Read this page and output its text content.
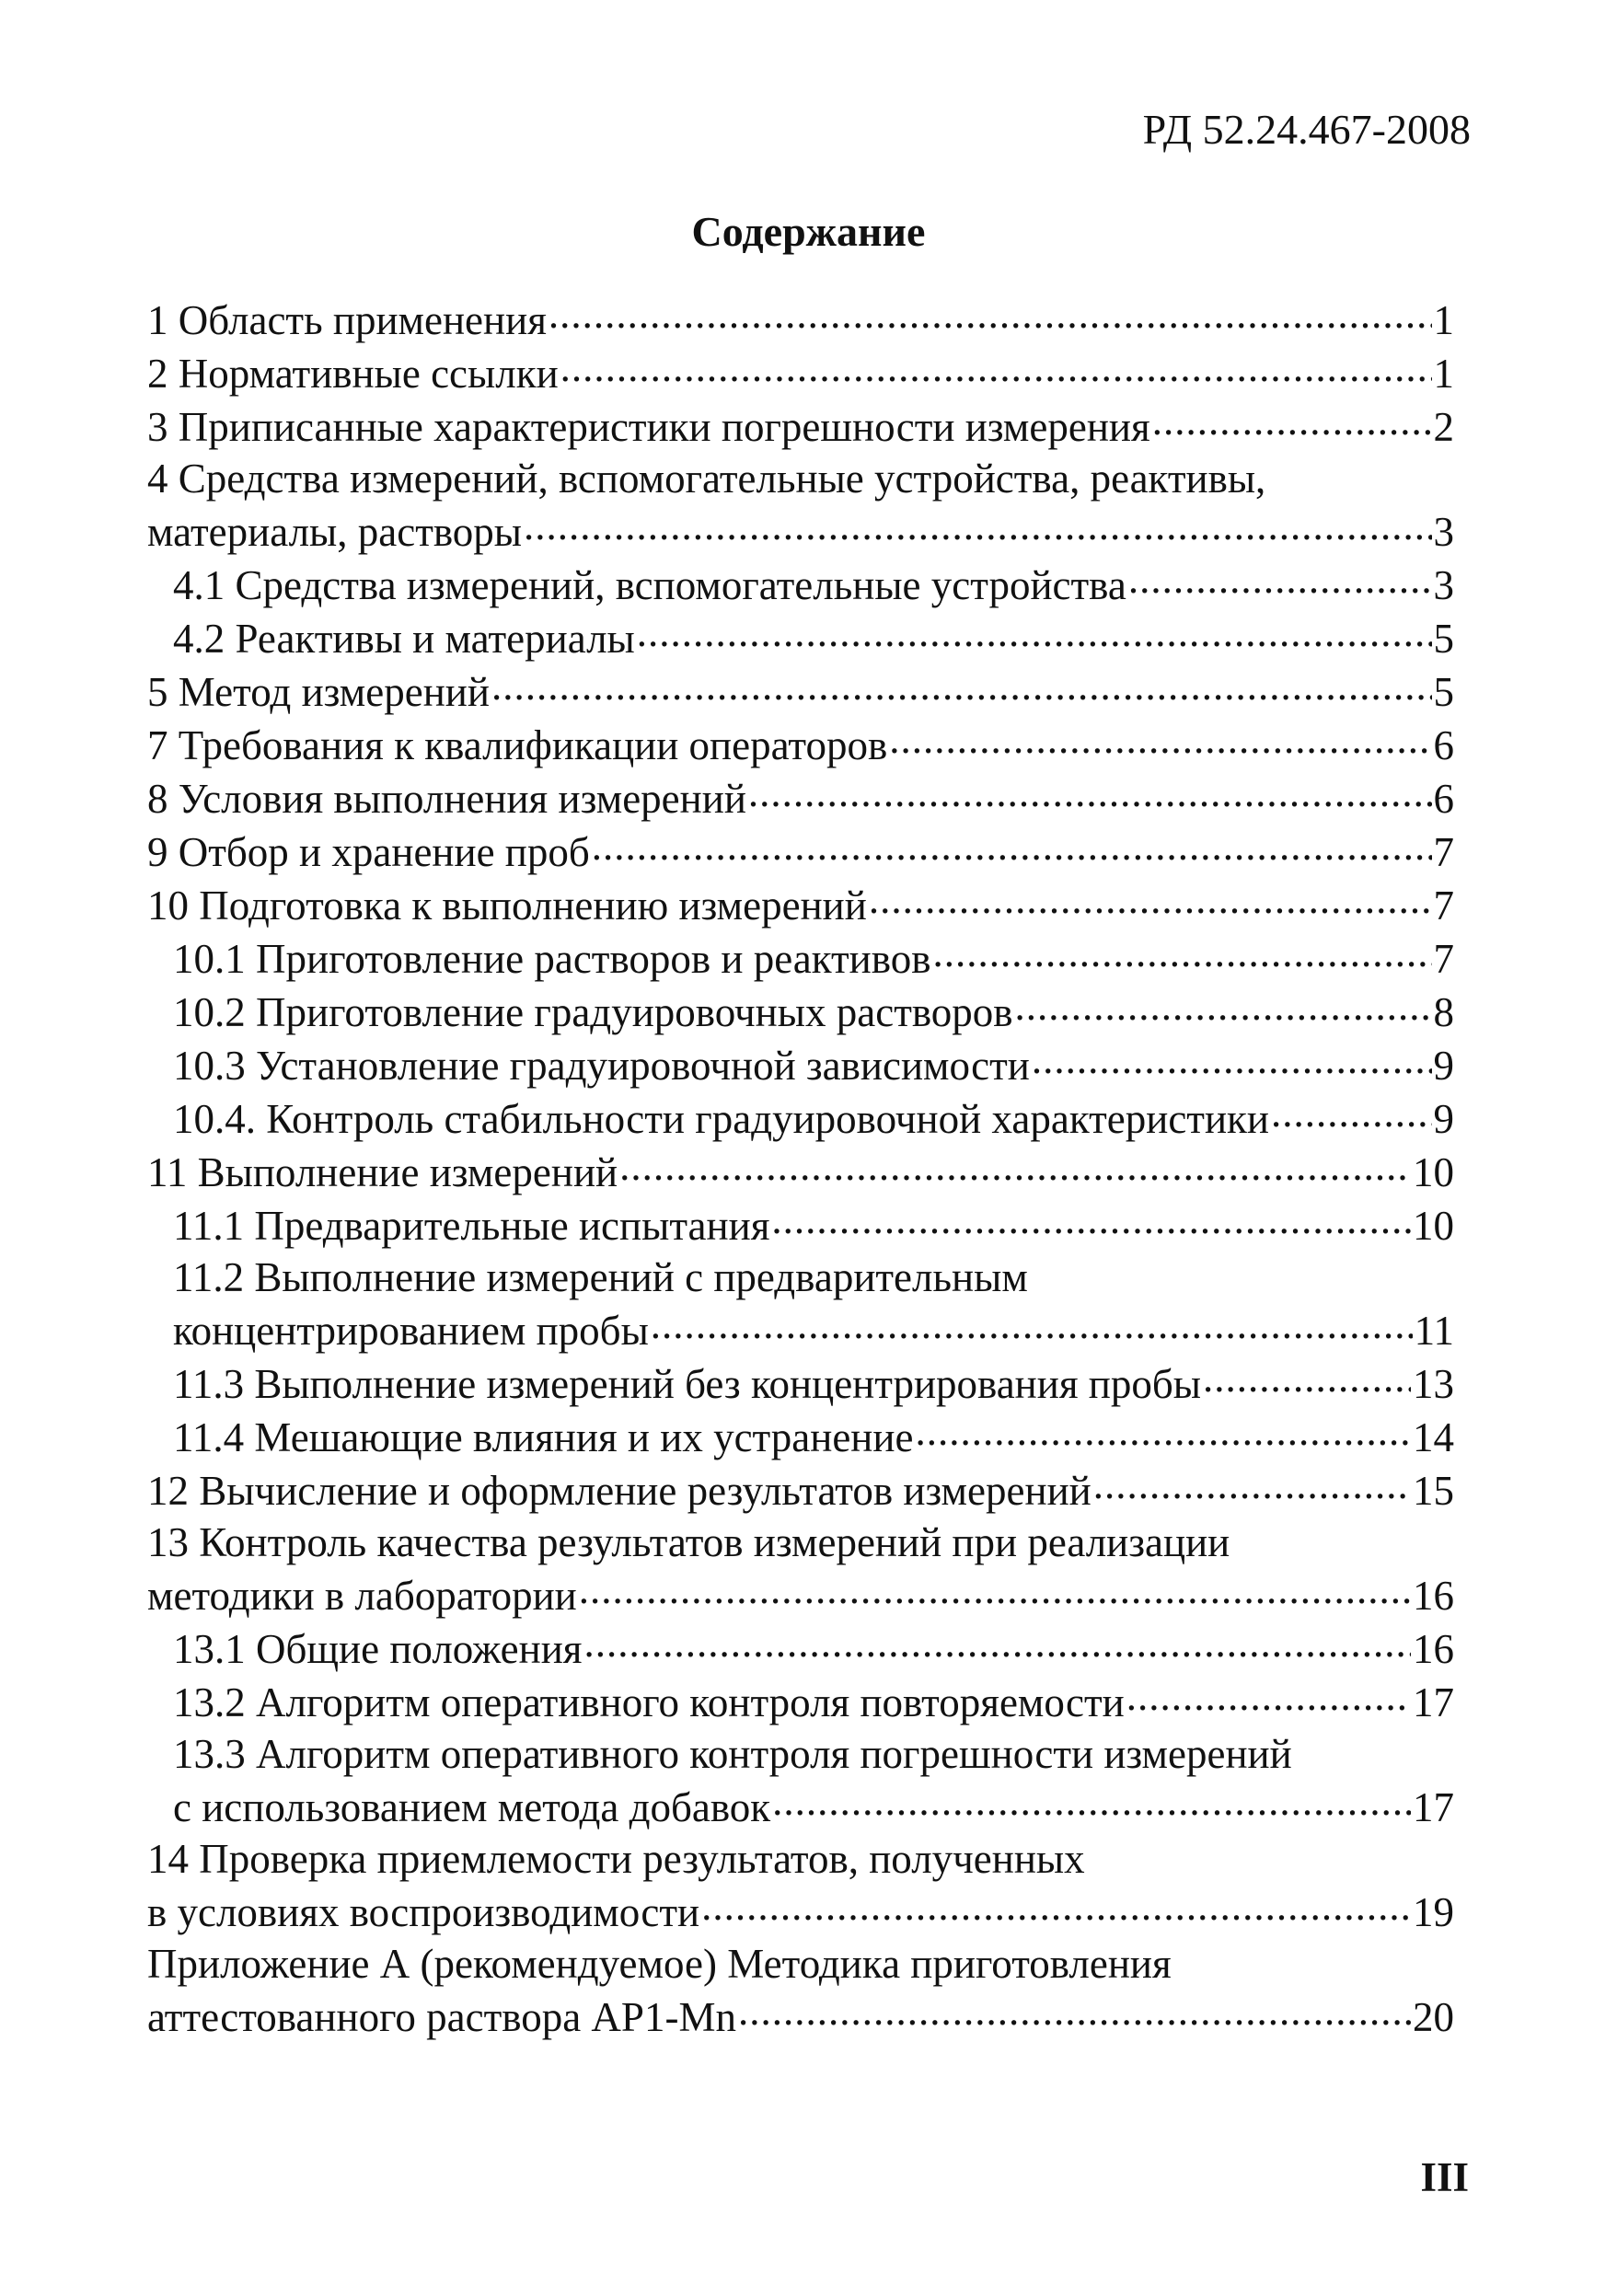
РД 52.24.467-2008
Содержание
1 Область применения .....	1
2 Нормативные ссылки .....	1
3 Приписанные характеристики погрешности измерения .....	2
4 Средства измерений, вспомогательные устройства, реактивы,
материалы, растворы .....	3
4.1 Средства измерений, вспомогательные устройства .....	3
4.2 Реактивы и материалы .....	5
5 Метод измерений .....	5
7 Требования к квалификации операторов .....	6
8 Условия выполнения измерений .....	6
9 Отбор и хранение проб .....	7
10 Подготовка к выполнению измерений .....	7
10.1 Приготовление растворов и реактивов .....	7
10.2 Приготовление градуировочных растворов .....	8
10.3 Установление градуировочной зависимости .....	9
10.4. Контроль стабильности градуировочной характеристики .....	9
11 Выполнение измерений .....	10
11.1 Предварительные испытания .....	10
11.2 Выполнение измерений с предварительным
концентрированием пробы .....	11
11.3 Выполнение измерений без концентрирования пробы .....	13
11.4 Мешающие влияния и их устранение .....	14
12 Вычисление и оформление результатов измерений .....	15
13 Контроль качества результатов измерений при реализации
методики в лаборатории .....	16
13.1 Общие положения .....	16
13.2 Алгоритм оперативного контроля повторяемости .....	17
13.3 Алгоритм оперативного контроля погрешности измерений
с использованием метода добавок .....	17
14 Проверка приемлемости результатов, полученных
в условиях воспроизводимости .....	19
Приложение А (рекомендуемое) Методика приготовления
аттестованного раствора АР1-Mn .....	20
III
